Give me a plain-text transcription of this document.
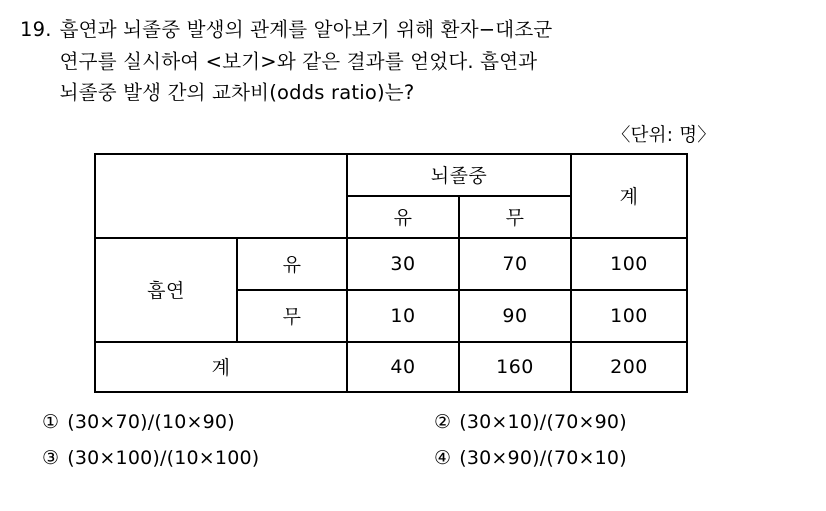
19. 흡연과 뇌졸중 발생의 관계를 알아보기 위해 환자−대조군
연구를 실시하여 <보기>와 같은 결과를 얻었다. 흡연과
뇌졸중 발생 간의 교차비(odds ratio)는?
〈단위: 명〉
		뇌졸중		계
		유	무	
흡연	유	30	70	100
	무	10	90	100
계		40	160	200
① (30×70)/(10×90)	② (30×10)/(70×90)
③ (30×100)/(10×100)	④ (30×90)/(70×10)
